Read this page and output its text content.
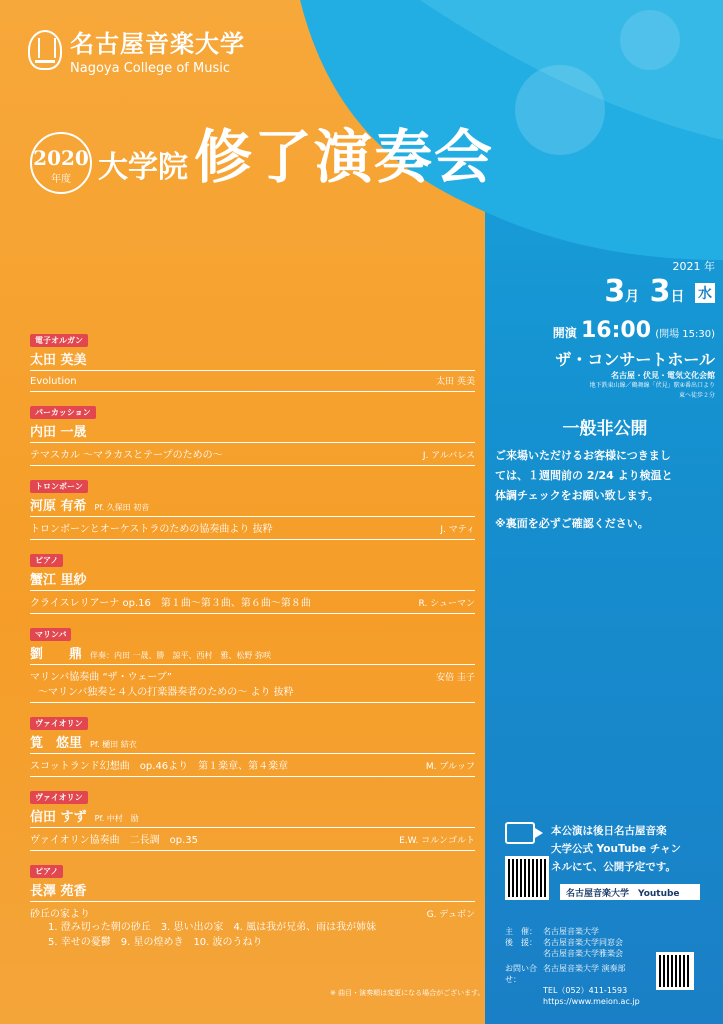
名古屋音楽大学
Nagoya College of Music
2020
年度 大学院 修了演奏会
電子オルガン
太田 英美
Evolution	太田 英美
パーカッション
内田 一晟
テマスカル 〜マラカスとテープのための〜	J. アルバレス
トロンボーン
河原 有希 Pf. 久保田 初音
トロンボーンとオーケストラのための協奏曲より 抜粋	J. マティ
ピアノ
蟹江 里紗
クライスレリアーナ op.16　第１曲〜第３曲、第６曲〜第８曲	R. シューマン
マリンバ
劉　　鼎 伴奏：内田 一晟、勝　諒平、西村　雅、松野 弥咲
マリンバ協奏曲 “ザ・ウェーブ”	安倍 圭子
〜マリンバ独奏と４人の打楽器奏者のための〜 より 抜粋
ヴァイオリン
筧　悠里 Pf. 樋田 結衣
スコットランド幻想曲　op.46より　第１楽章、第４楽章	M. ブルッフ
ヴァイオリン
信田 すず Pf. 中村　励
ヴァイオリン協奏曲　二長調　op.35	E.W. コルンゴルト
ピアノ
長澤 苑香
砂丘の家より	G. デュボン
1. 澄み切った朝の砂丘　3. 思い出の家　4. 風は我が兄弟、雨は我が姉妹
5. 幸せの憂鬱　9. 星の煌めき　10. 波のうねり
※ 曲目・演奏順は変更になる場合がございます。
2021 年
3月 3日 水
開演 16:00 (開場 15:30)
ザ・コンサートホール
名古屋・伏見・電気文化会館
地下鉄東山線／鶴舞線「伏見」駅④番出口より
東へ徒歩２分
一般非公開
ご来場いただけるお客様につきまし
ては、１週間前の 2/24 より検温と
体調チェックをお願い致します。
※裏面を必ずご確認ください。
本公演は後日名古屋音楽
大学公式 YouTube チャン
ネルにて、公開予定です。
名古屋音楽大学　Youtube
主　催： 名古屋音楽大学
後　援： 名古屋音楽大学同窓会
名古屋音楽大学雅楽会
お問い合せ：
名古屋音楽大学 演奏部
TEL（052）411-1593
https://www.meion.ac.jp
